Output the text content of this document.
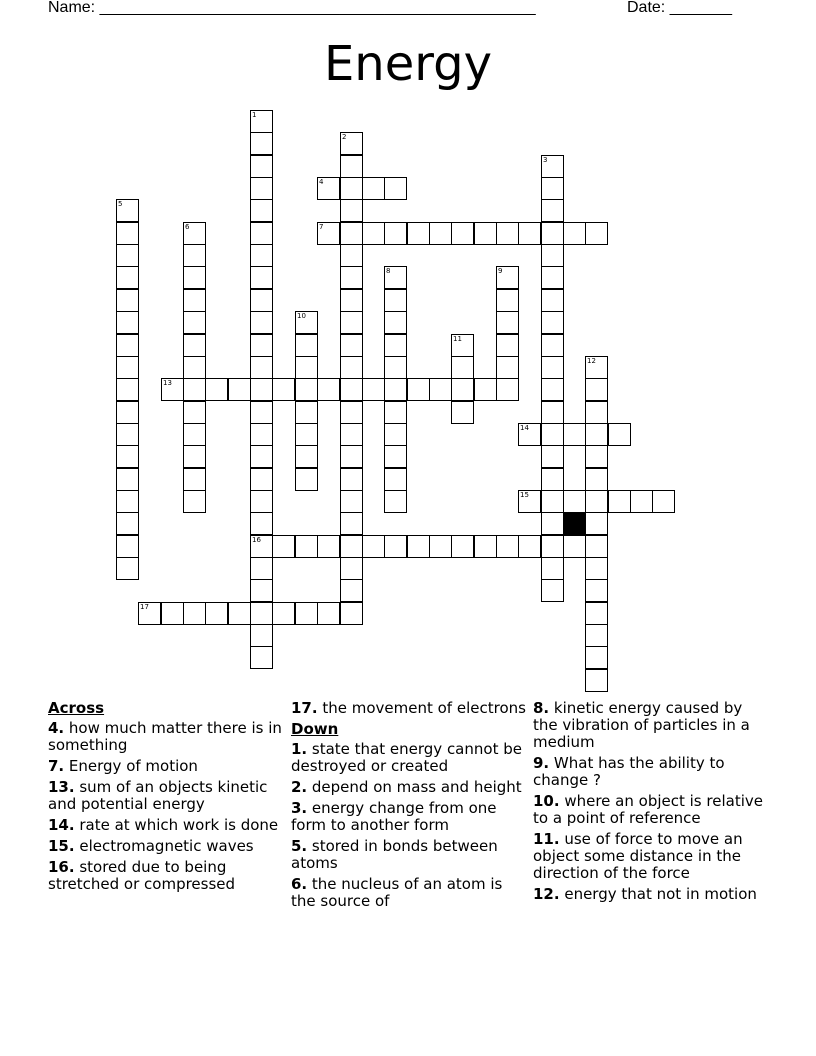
Name: _________________________________________________	Date: _______
Energy
1
16
2
3
4
5
6	7
8	9
10
11
12
13
14
15
17
Across
4. how much matter there is in something
7. Energy of motion
13. sum of an objects kinetic and potential energy
14. rate at which work is done
15. electromagnetic waves
16. stored due to being stretched or compressed
17. the movement of electrons
Down
1. state that energy cannot be destroyed or created
2. depend on mass and height
3. energy change from one form to another form
5. stored in bonds between atoms
6. the nucleus of an atom is the source of
8. kinetic energy caused by the vibration of particles in a medium
9. What has the ability to change ?
10. where an object is relative to a point of reference
11. use of force to move an object some distance in the direction of the force
12. energy that not in motion
